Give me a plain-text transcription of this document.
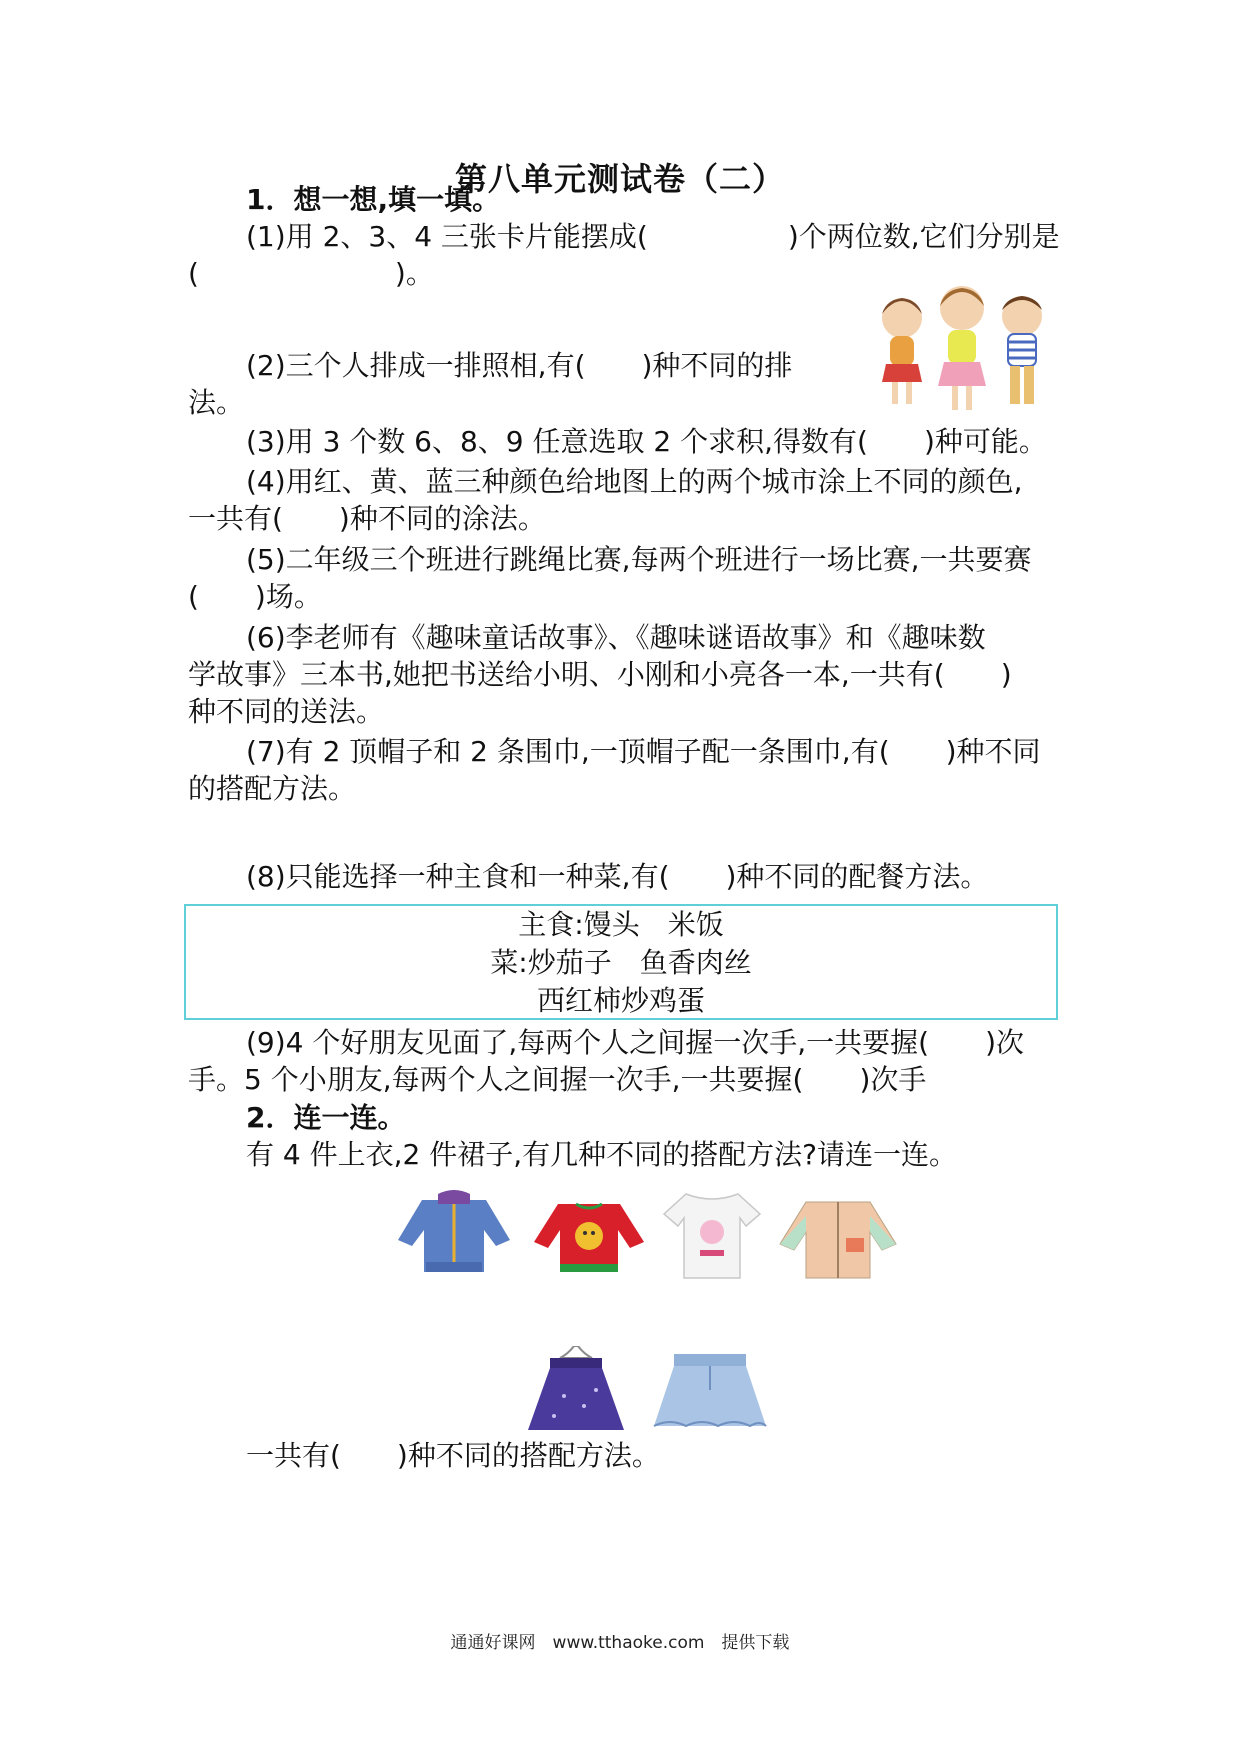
第八单元测试卷（二）
1．想一想,填一填。
(1)用 2、3、4 三张卡片能摆成(　　　　　)个两位数,它们分别是
(　　　　　　　)。
(2)三个人排成一排照相,有(　　)种不同的排
法。
(3)用 3 个数 6、8、9 任意选取 2 个求积,得数有(　　)种可能。
(4)用红、黄、蓝三种颜色给地图上的两个城市涂上不同的颜色,
一共有(　　)种不同的涂法。
(5)二年级三个班进行跳绳比赛,每两个班进行一场比赛,一共要赛
(　　)场。
(6)李老师有《趣味童话故事》、《趣味谜语故事》和《趣味数
学故事》三本书,她把书送给小明、小刚和小亮各一本,一共有(　　)
种不同的送法。
(7)有 2 顶帽子和 2 条围巾,一顶帽子配一条围巾,有(　　)种不同
的搭配方法。
(8)只能选择一种主食和一种菜,有(　　)种不同的配餐方法。
主食:馒头　米饭
菜:炒茄子　鱼香肉丝
西红柿炒鸡蛋
(9)4 个好朋友见面了,每两个人之间握一次手,一共要握(　　)次
手。5 个小朋友,每两个人之间握一次手,一共要握(　　)次手
2．连一连。
有 4 件上衣,2 件裙子,有几种不同的搭配方法?请连一连。
一共有(　　)种不同的搭配方法。
通通好课网　www.tthaoke.com　提供下载
